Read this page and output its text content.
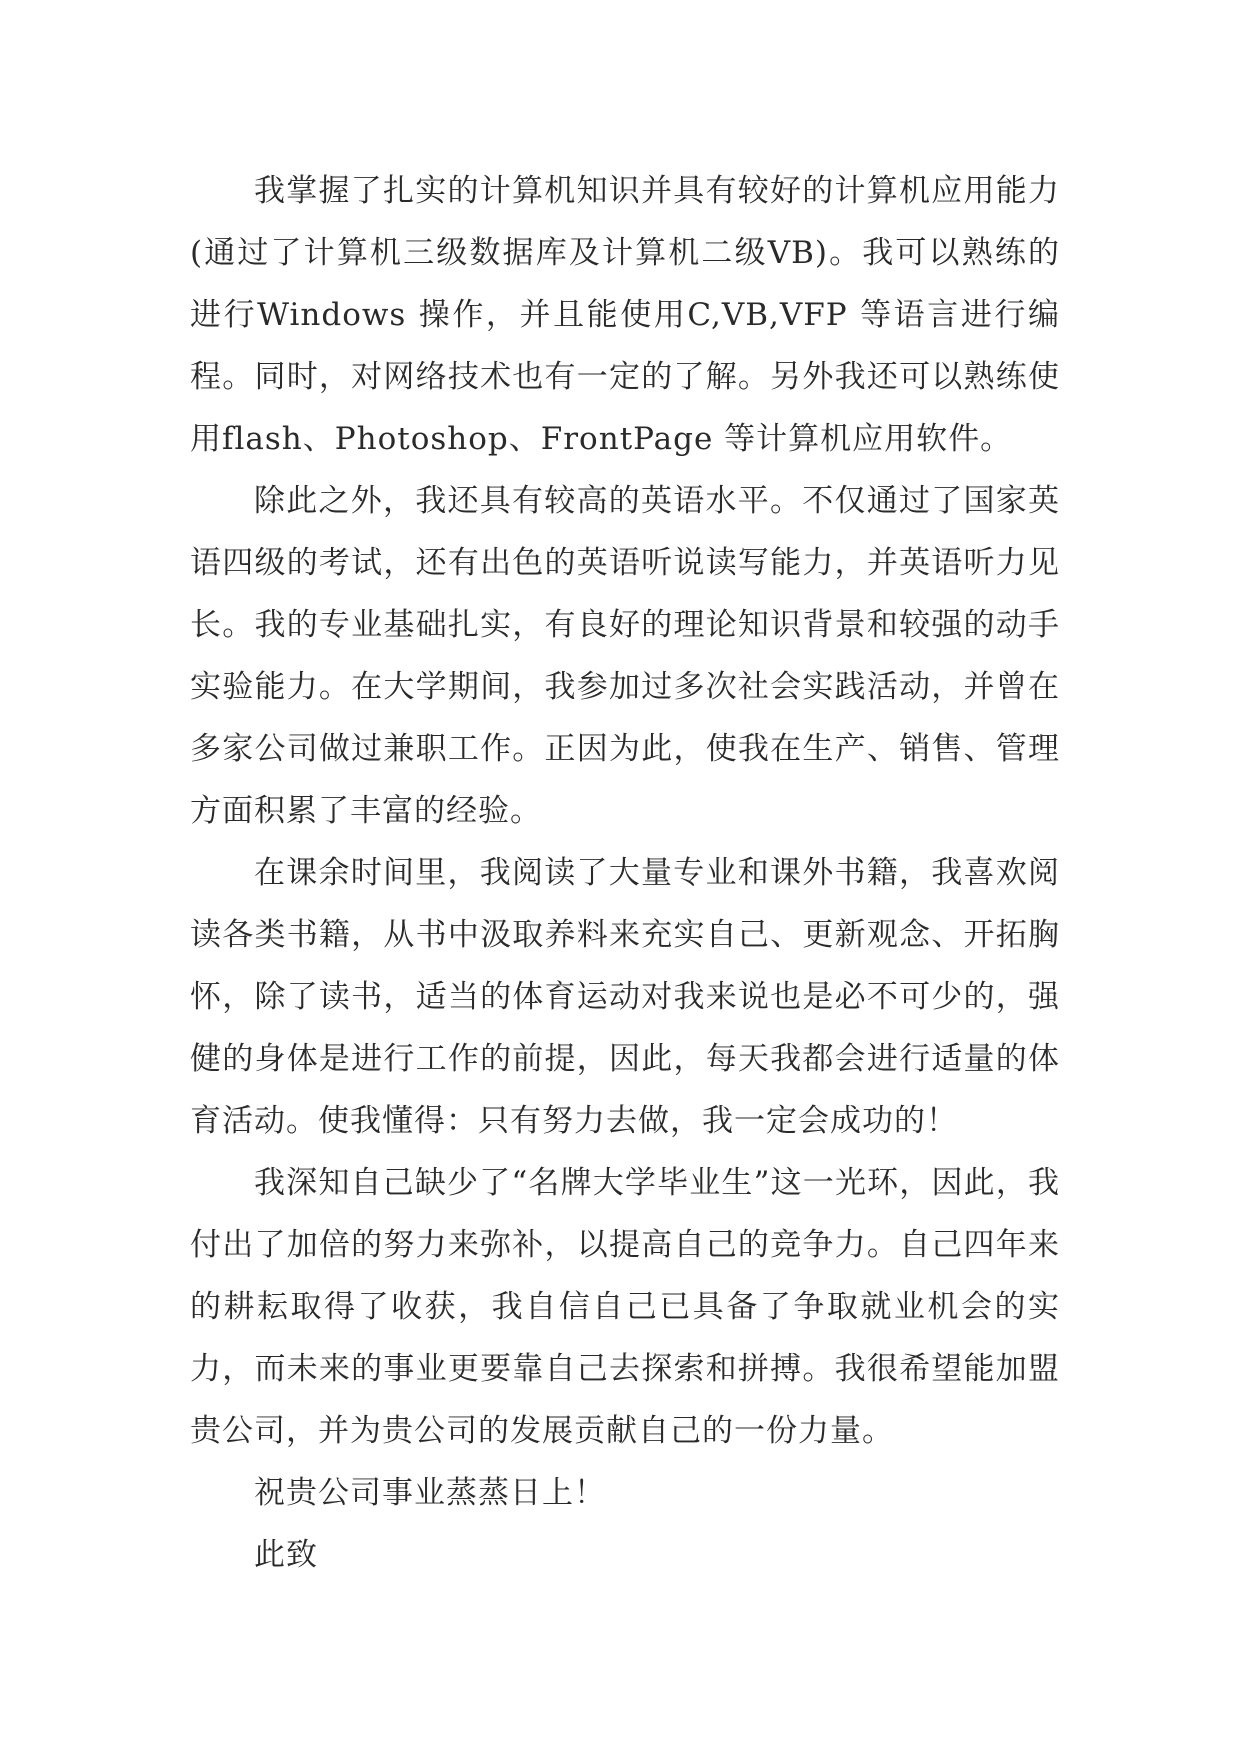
我掌握了扎实的计算机知识并具有较好的计算机应用能力(通过了计算机三级数据库及计算机二级VB)。我可以熟练的进行Windows 操作，并且能使用C,VB,VFP 等语言进行编程。同时，对网络技术也有一定的了解。另外我还可以熟练使用flash、Photoshop、FrontPage 等计算机应用软件。

除此之外，我还具有较高的英语水平。不仅通过了国家英语四级的考试，还有出色的英语听说读写能力，并英语听力见长。我的专业基础扎实，有良好的理论知识背景和较强的动手实验能力。在大学期间，我参加过多次社会实践活动，并曾在多家公司做过兼职工作。正因为此，使我在生产、销售、管理方面积累了丰富的经验。

在课余时间里，我阅读了大量专业和课外书籍，我喜欢阅读各类书籍，从书中汲取养料来充实自己、更新观念、开拓胸怀，除了读书，适当的体育运动对我来说也是必不可少的，强健的身体是进行工作的前提，因此，每天我都会进行适量的体育活动。使我懂得：只有努力去做，我一定会成功的！

我深知自己缺少了“名牌大学毕业生”这一光环，因此，我付出了加倍的努力来弥补，以提高自己的竞争力。自己四年来的耕耘取得了收获，我自信自己已具备了争取就业机会的实力，而未来的事业更要靠自己去探索和拼搏。我很希望能加盟贵公司，并为贵公司的发展贡献自己的一份力量。

祝贵公司事业蒸蒸日上！

此致
